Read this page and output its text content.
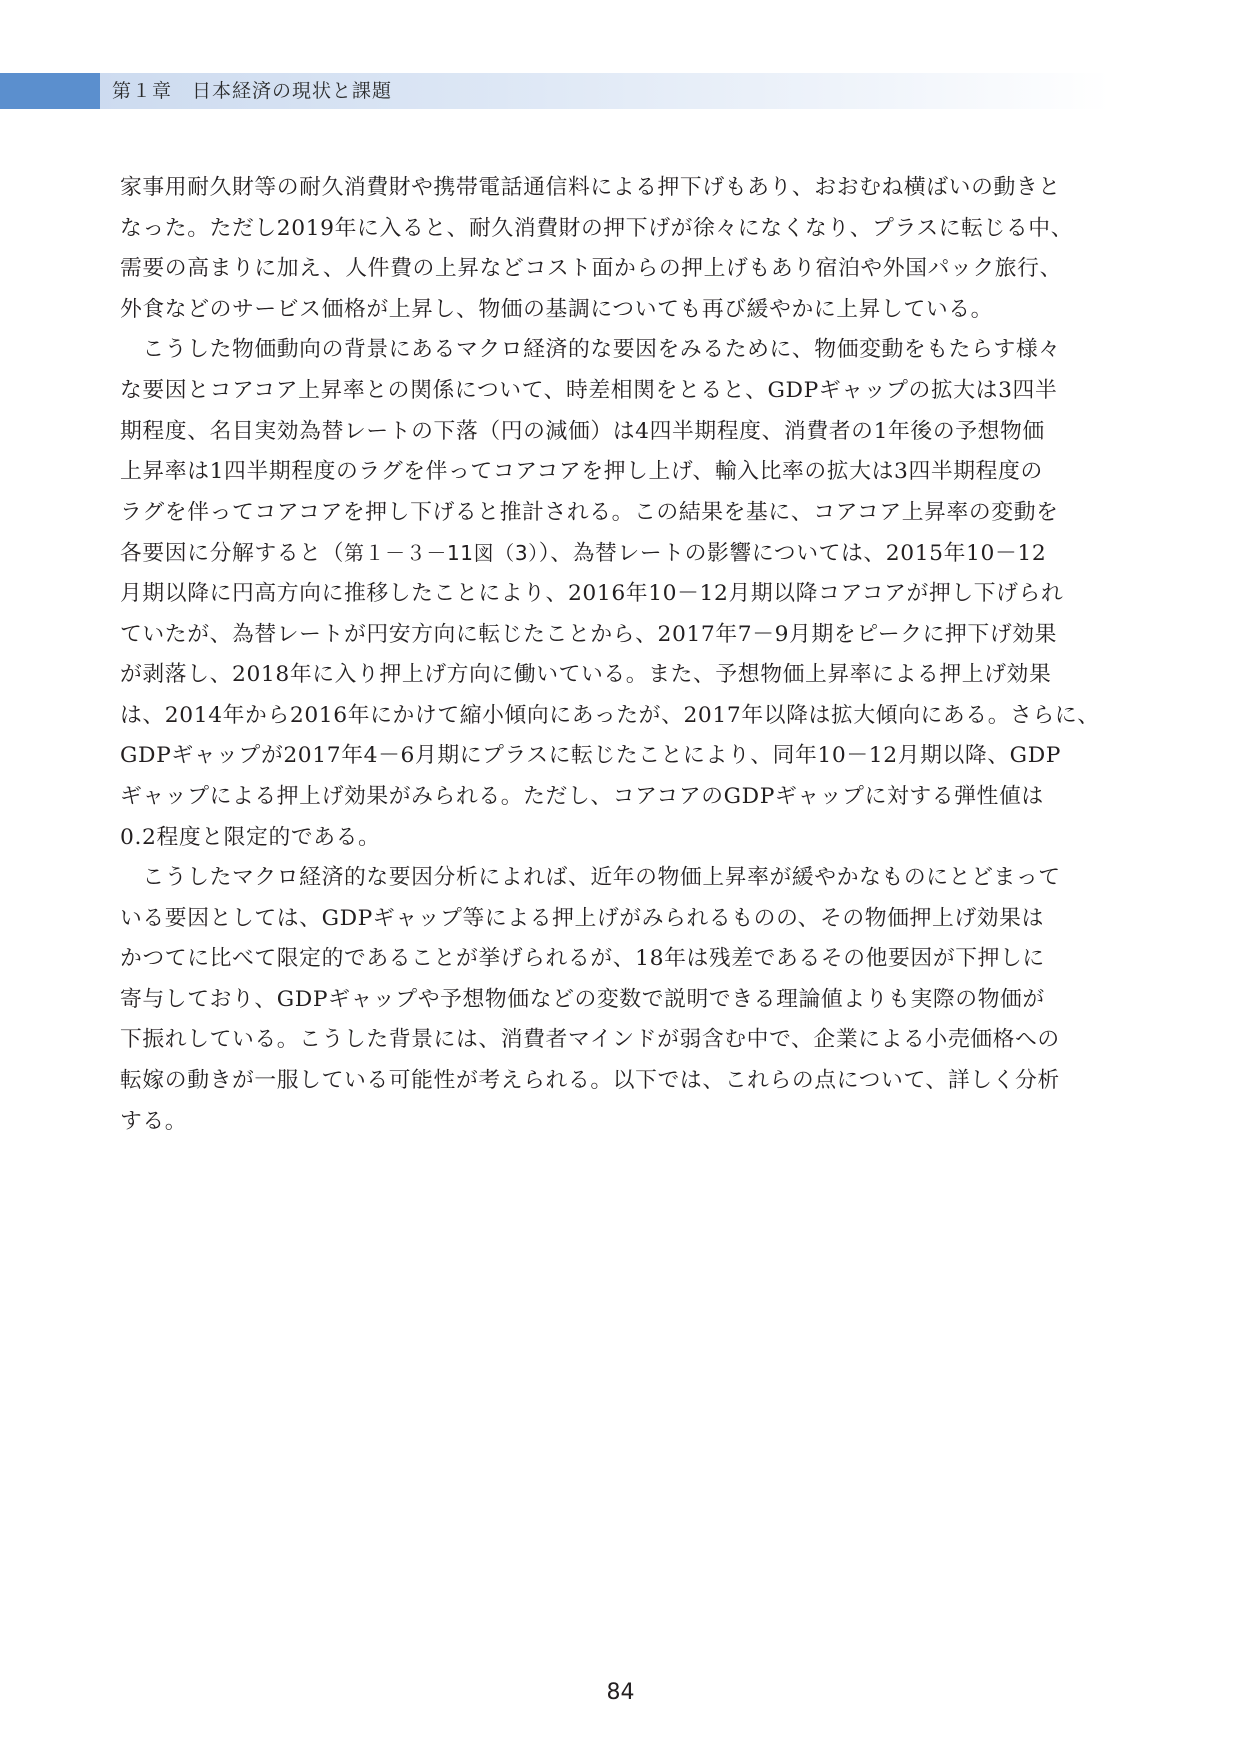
第１章　日本経済の現状と課題
家事用耐久財等の耐久消費財や携帯電話通信料による押下げもあり、おおむね横ばいの動きと
なった。ただし2019年に入ると、耐久消費財の押下げが徐々になくなり、プラスに転じる中、
需要の高まりに加え、人件費の上昇などコスト面からの押上げもあり宿泊や外国パック旅行、
外食などのサービス価格が上昇し、物価の基調についても再び緩やかに上昇している。
　こうした物価動向の背景にあるマクロ経済的な要因をみるために、物価変動をもたらす様々
な要因とコアコア上昇率との関係について、時差相関をとると、GDPギャップの拡大は3四半
期程度、名目実効為替レートの下落（円の減価）は4四半期程度、消費者の1年後の予想物価
上昇率は1四半期程度のラグを伴ってコアコアを押し上げ、輸入比率の拡大は3四半期程度の
ラグを伴ってコアコアを押し下げると推計される。この結果を基に、コアコア上昇率の変動を
各要因に分解すると（第１－３－11図（3））、為替レートの影響については、2015年10－12
月期以降に円高方向に推移したことにより、2016年10－12月期以降コアコアが押し下げられ
ていたが、為替レートが円安方向に転じたことから、2017年7－9月期をピークに押下げ効果
が剥落し、2018年に入り押上げ方向に働いている。また、予想物価上昇率による押上げ効果
は、2014年から2016年にかけて縮小傾向にあったが、2017年以降は拡大傾向にある。さらに、
GDPギャップが2017年4－6月期にプラスに転じたことにより、同年10－12月期以降、GDP
ギャップによる押上げ効果がみられる。ただし、コアコアのGDPギャップに対する弾性値は
0.2程度と限定的である。
　こうしたマクロ経済的な要因分析によれば、近年の物価上昇率が緩やかなものにとどまって
いる要因としては、GDPギャップ等による押上げがみられるものの、その物価押上げ効果は
かつてに比べて限定的であることが挙げられるが、18年は残差であるその他要因が下押しに
寄与しており、GDPギャップや予想物価などの変数で説明できる理論値よりも実際の物価が
下振れしている。こうした背景には、消費者マインドが弱含む中で、企業による小売価格への
転嫁の動きが一服している可能性が考えられる。以下では、これらの点について、詳しく分析
する。
84
